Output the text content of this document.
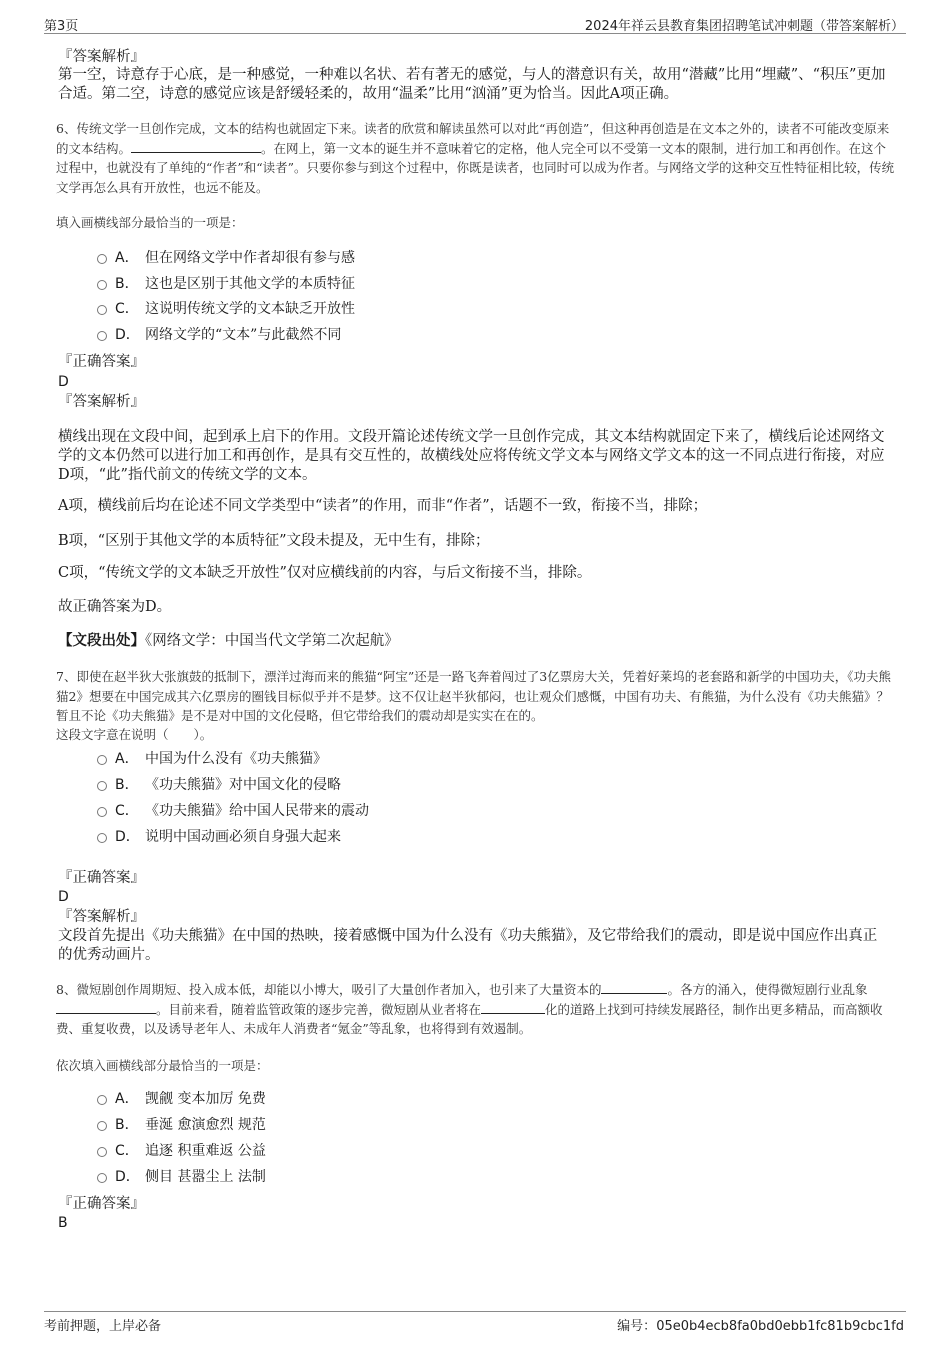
第3页	2024年祥云县教育集团招聘笔试冲刺题（带答案解析）
『答案解析』
第一空，诗意存于心底，是一种感觉，一种难以名状、若有著无的感觉，与人的潜意识有关，故用“潜藏”比用“埋藏”、“积压”更加合适。第二空，诗意的感觉应该是舒缓轻柔的，故用“温柔”比用“汹涌”更为恰当。因此A项正确。
6、传统文学一旦创作完成，文本的结构也就固定下来。读者的欣赏和解读虽然可以对此“再创造”，但这种再创造是在文本之外的，读者不可能改变原来的文本结构。	。在网上，第一文本的诞生并不意味着它的定格，他人完全可以不受第一文本的限制，进行加工和再创作。在这个过程中，也就没有了单纯的“作者”和“读者”。只要你参与到这个过程中，你既是读者，也同时可以成为作者。与网络文学的这种交互性特征相比较，传统文学再怎么具有开放性，也远不能及。
填入画横线部分最恰当的一项是：
A． 但在网络文学中作者却很有参与感
B． 这也是区别于其他文学的本质特征
C． 这说明传统文学的文本缺乏开放性
D． 网络文学的“文本”与此截然不同
『正确答案』
D
『答案解析』
横线出现在文段中间，起到承上启下的作用。文段开篇论述传统文学一旦创作完成，其文本结构就固定下来了，横线后论述网络文学的文本仍然可以进行加工和再创作，是具有交互性的，故横线处应将传统文学文本与网络文学文本的这一不同点进行衔接，对应D项，“此”指代前文的传统文学的文本。
A项，横线前后均在论述不同文学类型中“读者”的作用，而非“作者”，话题不一致，衔接不当，排除；
B项，“区别于其他文学的本质特征”文段未提及，无中生有，排除；
C项，“传统文学的文本缺乏开放性”仅对应横线前的内容，与后文衔接不当，排除。
故正确答案为D。
【文段出处】《网络文学：中国当代文学第二次起航》
7、即使在赵半狄大张旗鼓的抵制下，漂洋过海而来的熊猫“阿宝”还是一路飞奔着闯过了3亿票房大关，凭着好莱坞的老套路和新学的中国功夫，《功夫熊猫2》想要在中国完成其六亿票房的圈钱目标似乎并不是梦。这不仅让赵半狄郁闷，也让观众们感慨，中国有功夫、有熊猫，为什么没有《功夫熊猫》？暂且不论《功夫熊猫》是不是对中国的文化侵略，但它带给我们的震动却是实实在在的。
这段文字意在说明（　　）。
A． 中国为什么没有《功夫熊猫》
B． 《功夫熊猫》对中国文化的侵略
C． 《功夫熊猫》给中国人民带来的震动
D． 说明中国动画必须自身强大起来
『正确答案』
D
『答案解析』
文段首先提出《功夫熊猫》在中国的热映，接着感慨中国为什么没有《功夫熊猫》，及它带给我们的震动，即是说中国应作出真正的优秀动画片。
8、微短剧创作周期短、投入成本低，却能以小博大，吸引了大量创作者加入，也引来了大量资本的	。各方的涌入，使得微短剧行业乱象。目前来看，随着监管政策的逐步完善，微短剧从业者将在	化的道路上找到可持续发展路径，制作出更多精品，而高额收费、重复收费，以及诱导老年人、未成年人消费者“氪金”等乱象，也将得到有效遏制。
依次填入画横线部分最恰当的一项是：
A． 觊觎 变本加厉 免费
B． 垂涎 愈演愈烈 规范
C． 追逐 积重难返 公益
D． 侧目 甚嚣尘上 法制
『正确答案』
B
考前押题，上岸必备	编号：05e0b4ecb8fa0bd0ebb1fc81b9cbc1fd
